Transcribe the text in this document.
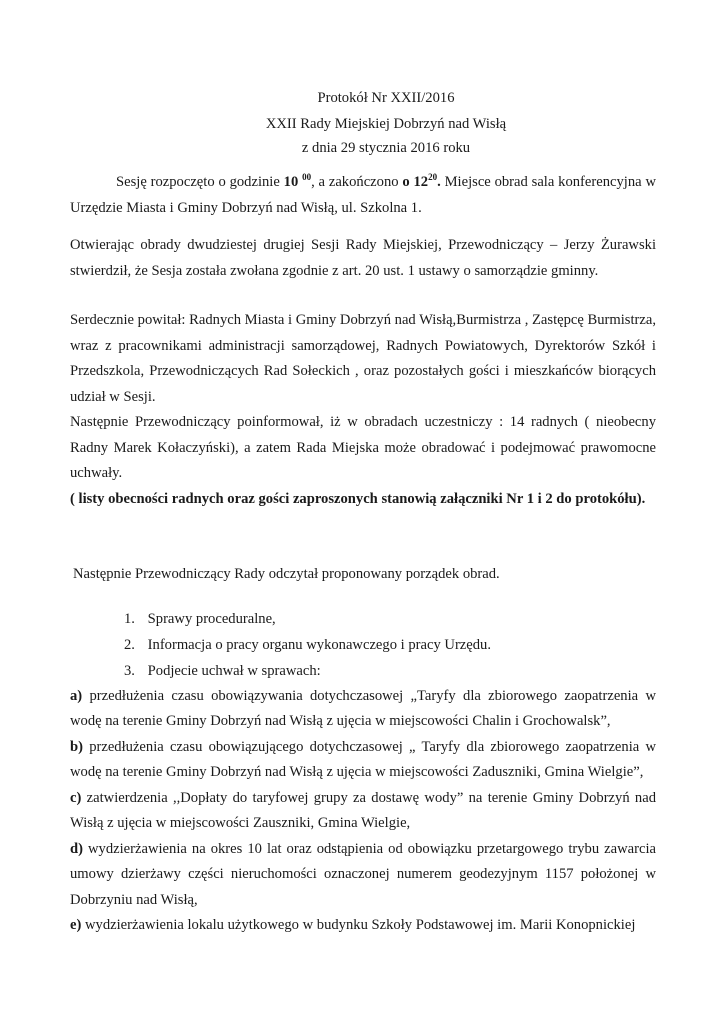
Protokół Nr XXII/2016
XXII Rady Miejskiej Dobrzyń nad Wisłą
z dnia 29 stycznia 2016 roku

Sesję rozpoczęto o godzinie 10 $^{00}$, a zakończono o $12^{20}$. Miejsce obrad sala konferencyjna w Urzędzie Miasta i Gminy Dobrzyń nad Wisłą, ul. Szkolna 1.

Otwierając obrady dwudziestej drugiej Sesji Rady Miejskiej, Przewodniczący – Jerzy Żurawski stwierdził, że Sesja została zwołana zgodnie z art. 20 ust. 1 ustawy o samorządzie gminny.

Serdecznie powitał: Radnych Miasta i Gminy Dobrzyń nad Wisłą,Burmistrza , Zastępcę Burmistrza, wraz z pracownikami administracji samorządowej, Radnych Powiatowych, Dyrektorów Szkół i Przedszkola, Przewodniczących Rad Sołeckich , oraz pozostałych gości i mieszkańców biorących udział w Sesji.

Następnie Przewodniczący poinformował, iż w obradach uczestniczy : 14 radnych ( nieobecny Radny Marek Kołaczyński), a zatem Rada Miejska może obradować i podejmować prawomocne uchwały.

( listy obecności radnych oraz gości zaproszonych stanowią załączniki Nr 1 i 2 do protokółu).

Następnie Przewodniczący Rady odczytał proponowany porządek obrad.

1. Sprawy proceduralne,
2. Informacja o pracy organu wykonawczego i pracy Urzędu.
3. Podjecie uchwał w sprawach:

a) przedłużenia czasu obowiązywania dotychczasowej „Taryfy dla zbiorowego zaopatrzenia w wodę na terenie Gminy Dobrzyń nad Wisłą z ujęcia w miejscowości Chalin i Grochowalsk”,

b) przedłużenia czasu obowiązującego dotychczasowej „ Taryfy dla zbiorowego zaopatrzenia w wodę na terenie Gminy Dobrzyń nad Wisłą z ujęcia w miejscowości Zaduszniki, Gmina Wielgie”,

c) zatwierdzenia ,,Dopłaty do taryfowej grupy za dostawę wody” na terenie Gminy Dobrzyń nad Wisłą z ujęcia w miejscowości Zauszniki, Gmina Wielgie,

d) wydzierżawienia na okres 10 lat oraz odstąpienia od obowiązku przetargowego trybu zawarcia umowy dzierżawy części nieruchomości oznaczonej numerem geodezyjnym 1157 położonej w Dobrzyniu nad Wisłą,

e) wydzierżawienia lokalu użytkowego w budynku Szkoły Podstawowej im. Marii Konopnickiej
